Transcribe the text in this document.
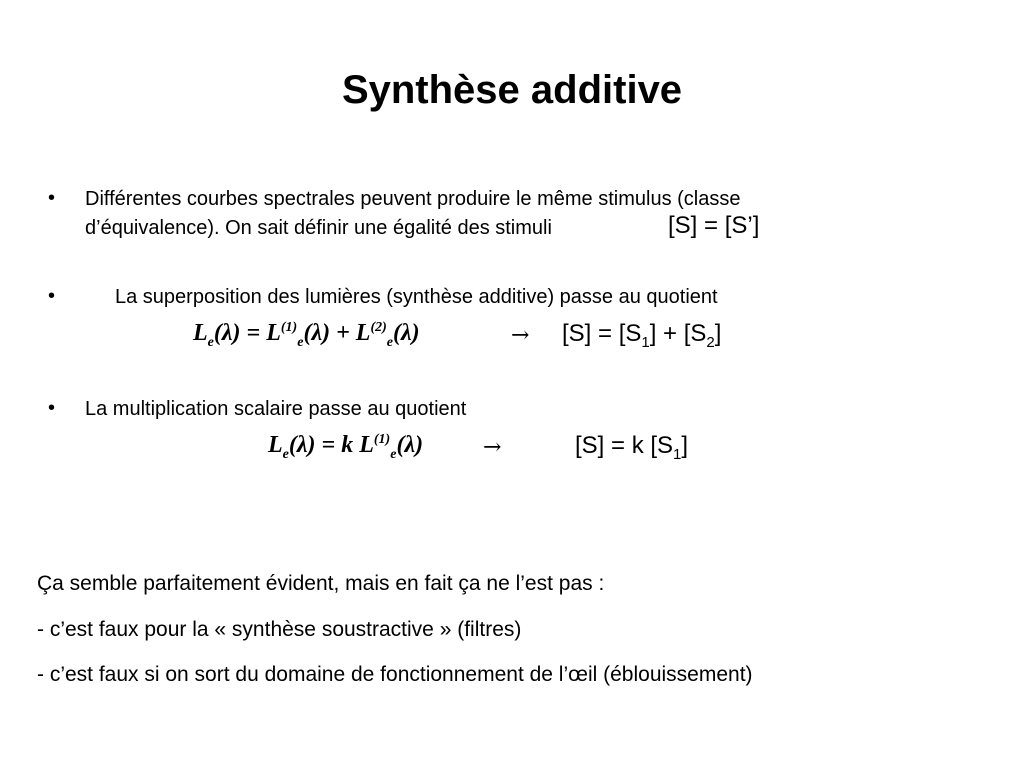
Synthèse additive
• Différentes courbes spectrales peuvent produire le même stimulus (classe
d’équivalence). On sait définir une égalité des stimuli	[S] = [S’]
•	La superposition des lumières (synthèse additive) passe au quotient
$L_e(\lambda) = L^{(1)}_e(\lambda) + L^{(2)}_e(\lambda)$	→ $[S] = [S_1] + [S_2]$
• La multiplication scalaire passe au quotient
$L_e(\lambda) = k$ $L^{(1)}_e(\lambda)$	→	[S] = k $[S_1]$
Ça semble parfaitement évident, mais en fait ça ne l’est pas :
- c’est faux pour la « synthèse soustractive » (filtres)
- c’est faux si on sort du domaine de fonctionnement de l’œil (éblouissement)
